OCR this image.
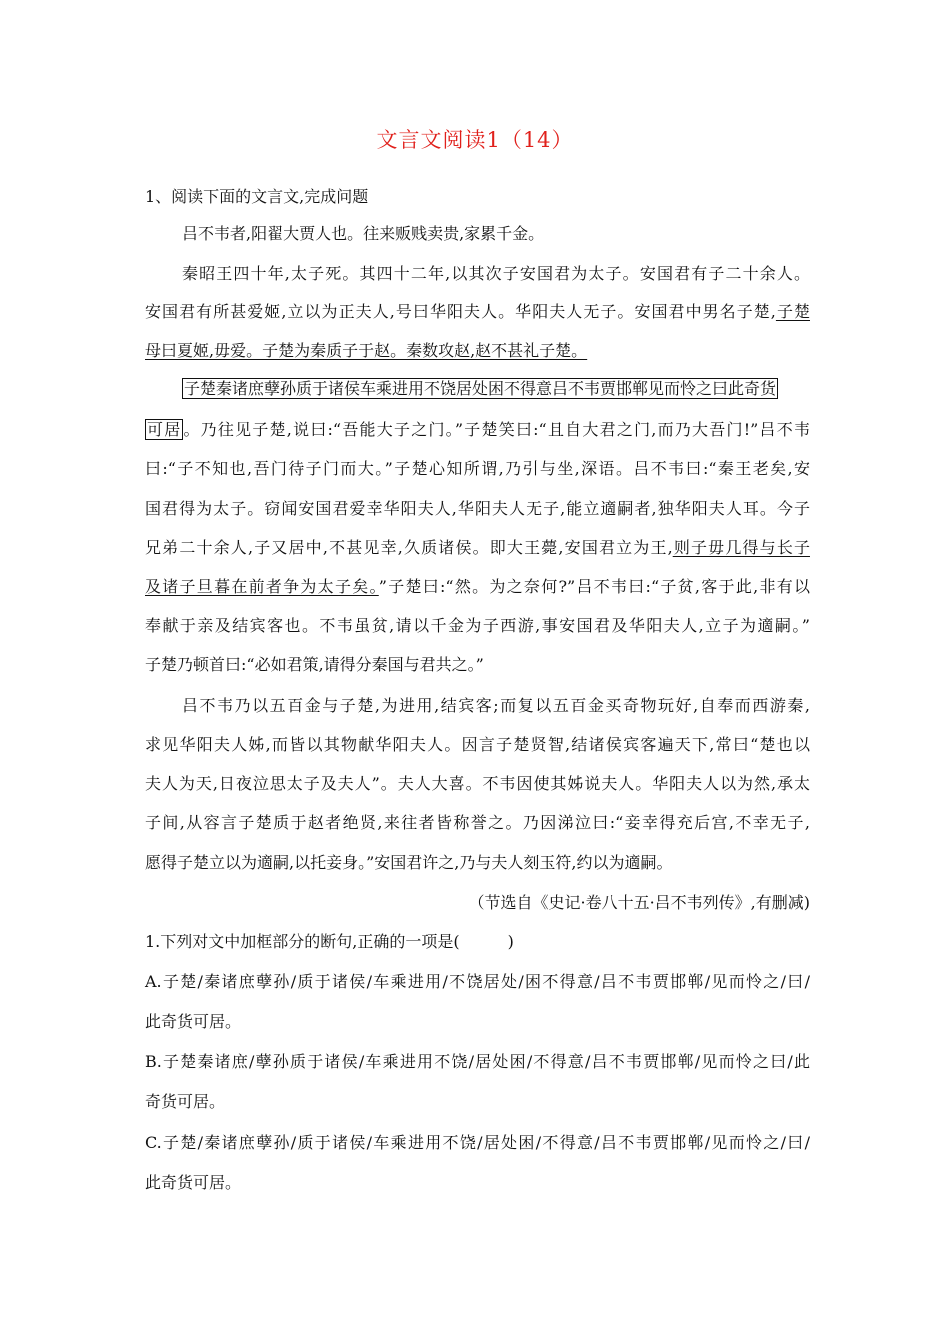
文言文阅读1（14）
1、阅读下面的文言文,完成问题
吕不韦者,阳翟大贾人也。往来贩贱卖贵,家累千金。
秦昭王四十年,太子死。其四十二年,以其次子安国君为太子。安国君有子二十余人。
安国君有所甚爱姬,立以为正夫人,号曰华阳夫人。华阳夫人无子。安国君中男名子楚,子楚
母曰夏姬,毋爱。子楚为秦质子于赵。秦数攻赵,赵不甚礼子楚。
子楚秦诸庶孽孙质于诸侯车乘进用不饶居处困不得意吕不韦贾邯郸见而怜之曰此奇货
可居 。乃往见子楚,说曰:“吾能大子之门。”子楚笑曰:“且自大君之门,而乃大吾门!”吕不韦
曰:“子不知也,吾门待子门而大。”子楚心知所谓,乃引与坐,深语。吕不韦曰:“秦王老矣,安
国君得为太子。窃闻安国君爱幸华阳夫人,华阳夫人无子,能立適嗣者,独华阳夫人耳。今子
兄弟二十余人,子又居中,不甚见幸,久质诸侯。即大王薨,安国君立为王,则子毋几得与长子
及诸子旦暮在前者争为太子矣。”子楚曰:“然。为之奈何?”吕不韦曰:“子贫,客于此,非有以
奉献于亲及结宾客也。不韦虽贫,请以千金为子西游,事安国君及华阳夫人,立子为適嗣。”
子楚乃顿首曰:“必如君策,请得分秦国与君共之。”
吕不韦乃以五百金与子楚,为进用,结宾客;而复以五百金买奇物玩好,自奉而西游秦,
求见华阳夫人姊,而皆以其物献华阳夫人。因言子楚贤智,结诸侯宾客遍天下,常曰“楚也以
夫人为天,日夜泣思太子及夫人”。夫人大喜。不韦因使其姊说夫人。华阳夫人以为然,承太
子间,从容言子楚质于赵者绝贤,来往者皆称誉之。乃因涕泣曰:“妾幸得充后宫,不幸无子,
愿得子楚立以为適嗣,以托妾身。”安国君许之,乃与夫人刻玉符,约以为適嗣。
（节选自《史记·卷八十五·吕不韦列传》,有删减)
1.下列对文中加框部分的断句,正确的一项是(　　　)
A.子楚/秦诸庶孽孙/质于诸侯/车乘进用/不饶居处/困不得意/吕不韦贾邯郸/见而怜之/曰/
此奇货可居。
B.子楚秦诸庶/孽孙质于诸侯/车乘进用不饶/居处困/不得意/吕不韦贾邯郸/见而怜之曰/此
奇货可居。
C.子楚/秦诸庶孽孙/质于诸侯/车乘进用不饶/居处困/不得意/吕不韦贾邯郸/见而怜之/曰/
此奇货可居。
